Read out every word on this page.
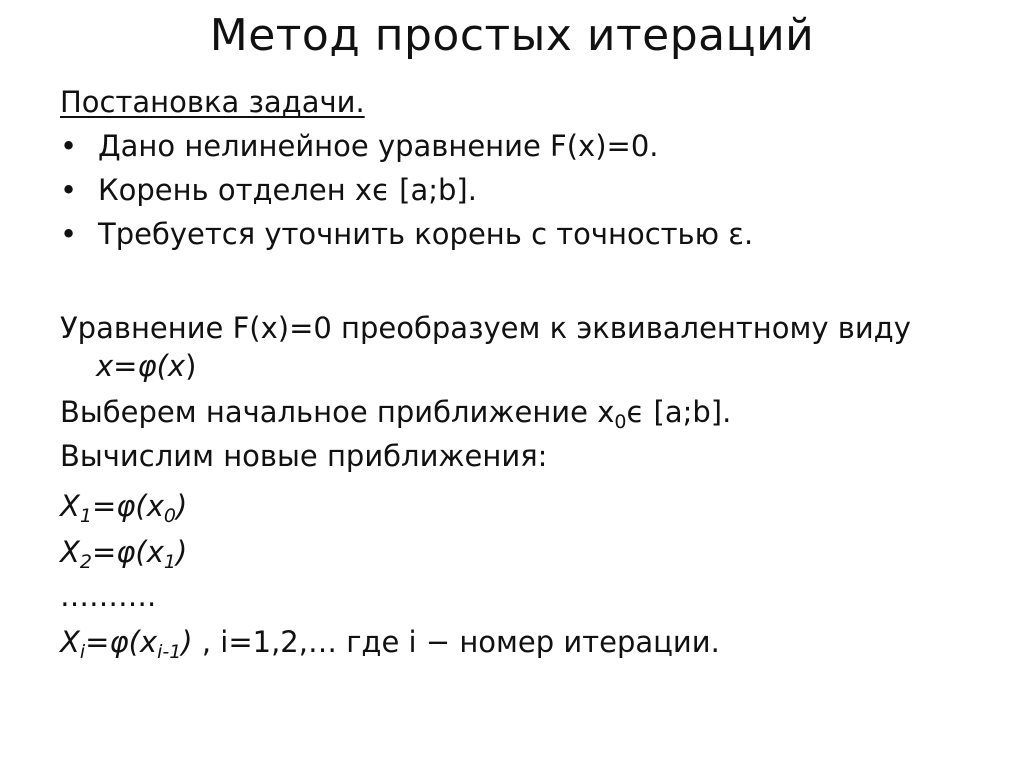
Метод простых итераций
Постановка задачи.
• Дано нелинейное уравнение F(x)=0.
• Корень отделен xϵ [a;b].
• Требуется уточнить корень с точностью ε.
Уравнение F(x)=0 преобразуем к эквивалентному виду
x=φ(x)
Выберем начальное приближение $x_0\epsilon$ [a;b].
Вычислим новые приближения:
$X_1=\varphi(x_0)$
$X_2=\varphi(x_1)$
……….
$X_i=\varphi(x_{i-1})$ , i=1,2,… где i − номер итерации.
